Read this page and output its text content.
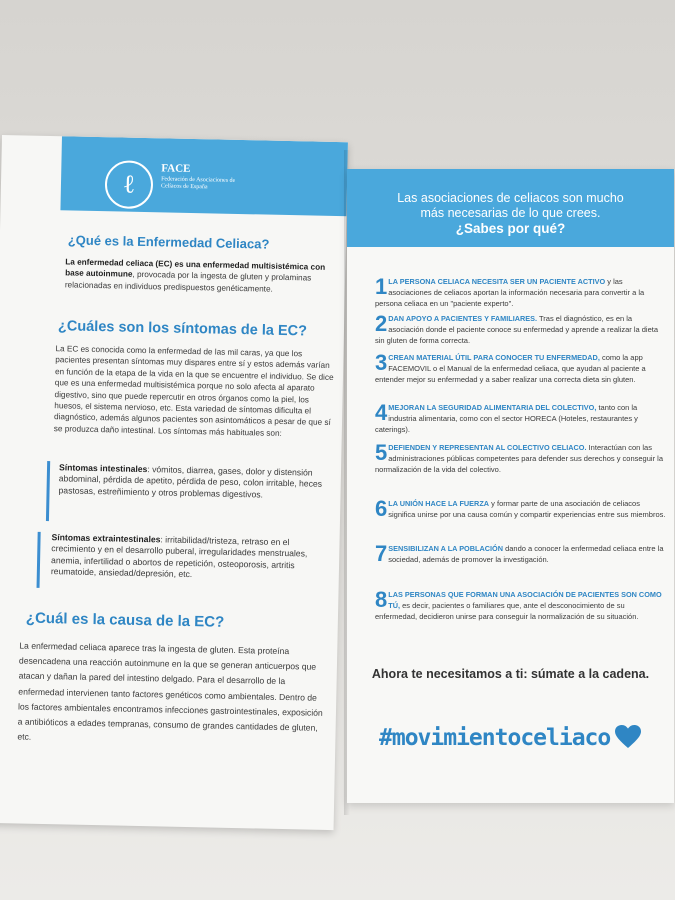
ℓ
FACE
Federación de Asociaciones de Celíacos de España
¿Qué es la Enfermedad Celiaca?
La enfermedad celiaca (EC) es una enfermedad multisistémica con base autoinmune, provocada por la ingesta de gluten y prolaminas relacionadas en individuos predispuestos genéticamente.
¿Cuáles son los síntomas de la EC?
La EC es conocida como la enfermedad de las mil caras, ya que los pacientes presentan síntomas muy dispares entre sí y estos además varían en función de la etapa de la vida en la que se encuentre el individuo. Se dice que es una enfermedad multisistémica porque no solo afecta al aparato digestivo, sino que puede repercutir en otros órganos como la piel, los huesos, el sistema nervioso, etc. Esta variedad de síntomas dificulta el diagnóstico, además algunos pacientes son asintomáticos a pesar de que sí se produzca daño intestinal. Los síntomas más habituales son:
Síntomas intestinales: vómitos, diarrea, gases, dolor y distensión abdominal, pérdida de apetito, pérdida de peso, colon irritable, heces pastosas, estreñimiento y otros problemas digestivos.
Síntomas extraintestinales: irritabilidad/tristeza, retraso en el crecimiento y en el desarrollo puberal, irregularidades menstruales, anemia, infertilidad o abortos de repetición, osteoporosis, artritis reumatoide, ansiedad/depresión, etc.
¿Cuál es la causa de la EC?
La enfermedad celiaca aparece tras la ingesta de gluten. Esta proteína desencadena una reacción autoinmune en la que se generan anticuerpos que atacan y dañan la pared del intestino delgado. Para el desarrollo de la enfermedad intervienen tanto factores genéticos como ambientales. Dentro de los factores ambientales encontramos infecciones gastrointestinales, exposición a antibióticos a edades tempranas, consumo de grandes cantidades de gluten, etc.
Las asociaciones de celiacos son mucho
más necesarias de lo que crees.
¿Sabes por qué?
1 LA PERSONA CELIACA NECESITA SER UN PACIENTE ACTIVO y las asociaciones de celiacos aportan la información necesaria para convertir a la persona celiaca en un "paciente experto".
2 DAN APOYO A PACIENTES Y FAMILIARES. Tras el diagnóstico, es en la asociación donde el paciente conoce su enfermedad y aprende a realizar la dieta sin gluten de forma correcta.
3 CREAN MATERIAL ÚTIL PARA CONOCER TU ENFERMEDAD, como la app FACEMOVIL o el Manual de la enfermedad celiaca, que ayudan al paciente a entender mejor su enfermedad y a saber realizar una correcta dieta sin gluten.
4 MEJORAN LA SEGURIDAD ALIMENTARIA DEL COLECTIVO, tanto con la industria alimentaria, como con el sector HORECA (Hoteles, restaurantes y caterings).
5 DEFIENDEN Y REPRESENTAN AL COLECTIVO CELIACO. Interactúan con las administraciones públicas competentes para defender sus derechos y conseguir la normalización de la vida del colectivo.
6 LA UNIÓN HACE LA FUERZA y formar parte de una asociación de celiacos significa unirse por una causa común y compartir experiencias entre sus miembros.
7 SENSIBILIZAN A LA POBLACIÓN dando a conocer la enfermedad celiaca entre la sociedad, además de promover la investigación.
8 LAS PERSONAS QUE FORMAN UNA ASOCIACIÓN DE PACIENTES SON COMO TÚ, es decir, pacientes o familiares que, ante el desconocimiento de su enfermedad, decidieron unirse para conseguir la normalización de su situación.
Ahora te necesitamos a ti: súmate a la cadena.
#movimientoceliaco
